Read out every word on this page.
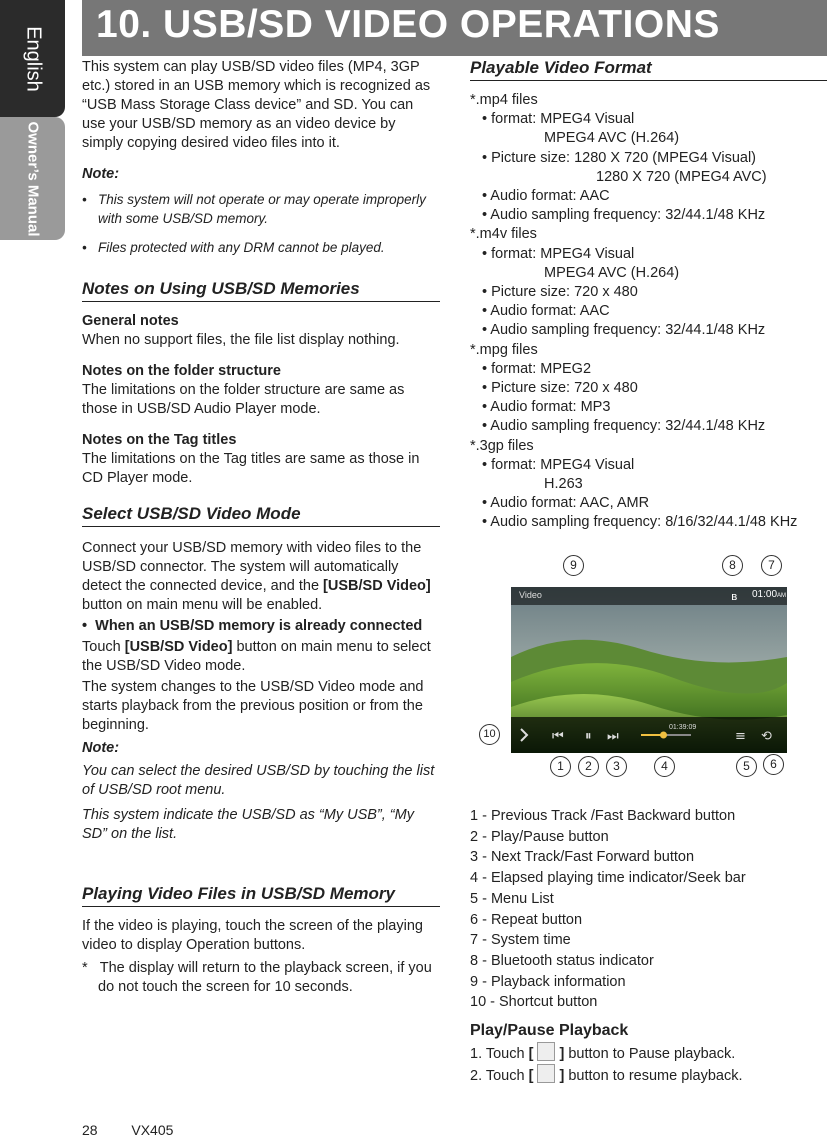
English
Owner’s Manual
10. USB/SD VIDEO OPERATIONS

This system can play USB/SD video files (MP4, 3GP etc.) stored in an USB memory which is recognized as “USB Mass Storage Class device” and SD. You can use your USB/SD memory as an video device by simply copying desired video files into it.

Note:
•   This system will not operate or may operate improperly with some USB/SD memory.
•   Files protected with any DRM cannot be played.
Notes on Using USB/SD Memories

General notes

When no support files, the file list display nothing.

Notes on the folder structure

The limitations on the folder structure are same as those in USB/SD Audio Player mode.

Notes on the Tag titles

The limitations on the Tag titles are same as those in CD Player mode.

Select USB/SD Video Mode

Connect your USB/SD memory with video files to the USB/SD connector. The system will automatically detect the connected device, and the [USB/SD Video] button on main menu will be enabled.

•  When an USB/SD memory is already connected

Touch [USB/SD Video] button on main menu to select the USB/SD Video mode.

The system changes to the USB/SD Video mode and starts playback from the previous position or from the beginning.

Note:

You can select the desired USB/SD by touching the list of USB/SD root menu.

This system indicate the USB/SD as “My USB”, “My SD” on the list.

Playing Video Files in USB/SD Memory

If the video is playing, touch the screen of the playing video to display Operation buttons.

*   The display will return to the playback screen, if you do not touch the screen for 10 seconds.
Playable Video Format
*.mp4 files
• format: MPEG4 Visual
MPEG4 AVC (H.264)
• Picture size: 1280 X 720 (MPEG4 Visual)
1280 X 720 (MPEG4 AVC)
• Audio format: AAC
• Audio sampling frequency: 32/44.1/48 KHz
*.m4v files
• format: MPEG4 Visual
MPEG4 AVC (H.264)
• Picture size: 720 x 480
• Audio format: AAC
• Audio sampling frequency: 32/44.1/48 KHz
*.mpg files
• format: MPEG2
• Picture size: 720 x 480
• Audio format: MP3
• Audio sampling frequency: 32/44.1/48 KHz
*.3gp files
• format: MPEG4 Visual
H.263
• Audio format: AAC, AMR
• Audio sampling frequency: 8/16/32/44.1/48 KHz
ʙ
⏮ ⏸ ⏭	≡ ⟲
Video	01:00AM
01:39:09
9	8	7
10
1	2	3	4	5	6
1 - Previous Track /Fast Backward button
2 - Play/Pause button
3 - Next Track/Fast Forward button
4 - Elapsed playing time indicator/Seek bar
5 - Menu List
6 - Repeat button
7 - System time
8 - Bluetooth status indicator
9 - Playback information
10 - Shortcut button
Play/Pause Playback
1. Touch [ ] button to Pause playback.
2. Touch [ ] button to resume playback.
28 VX405
